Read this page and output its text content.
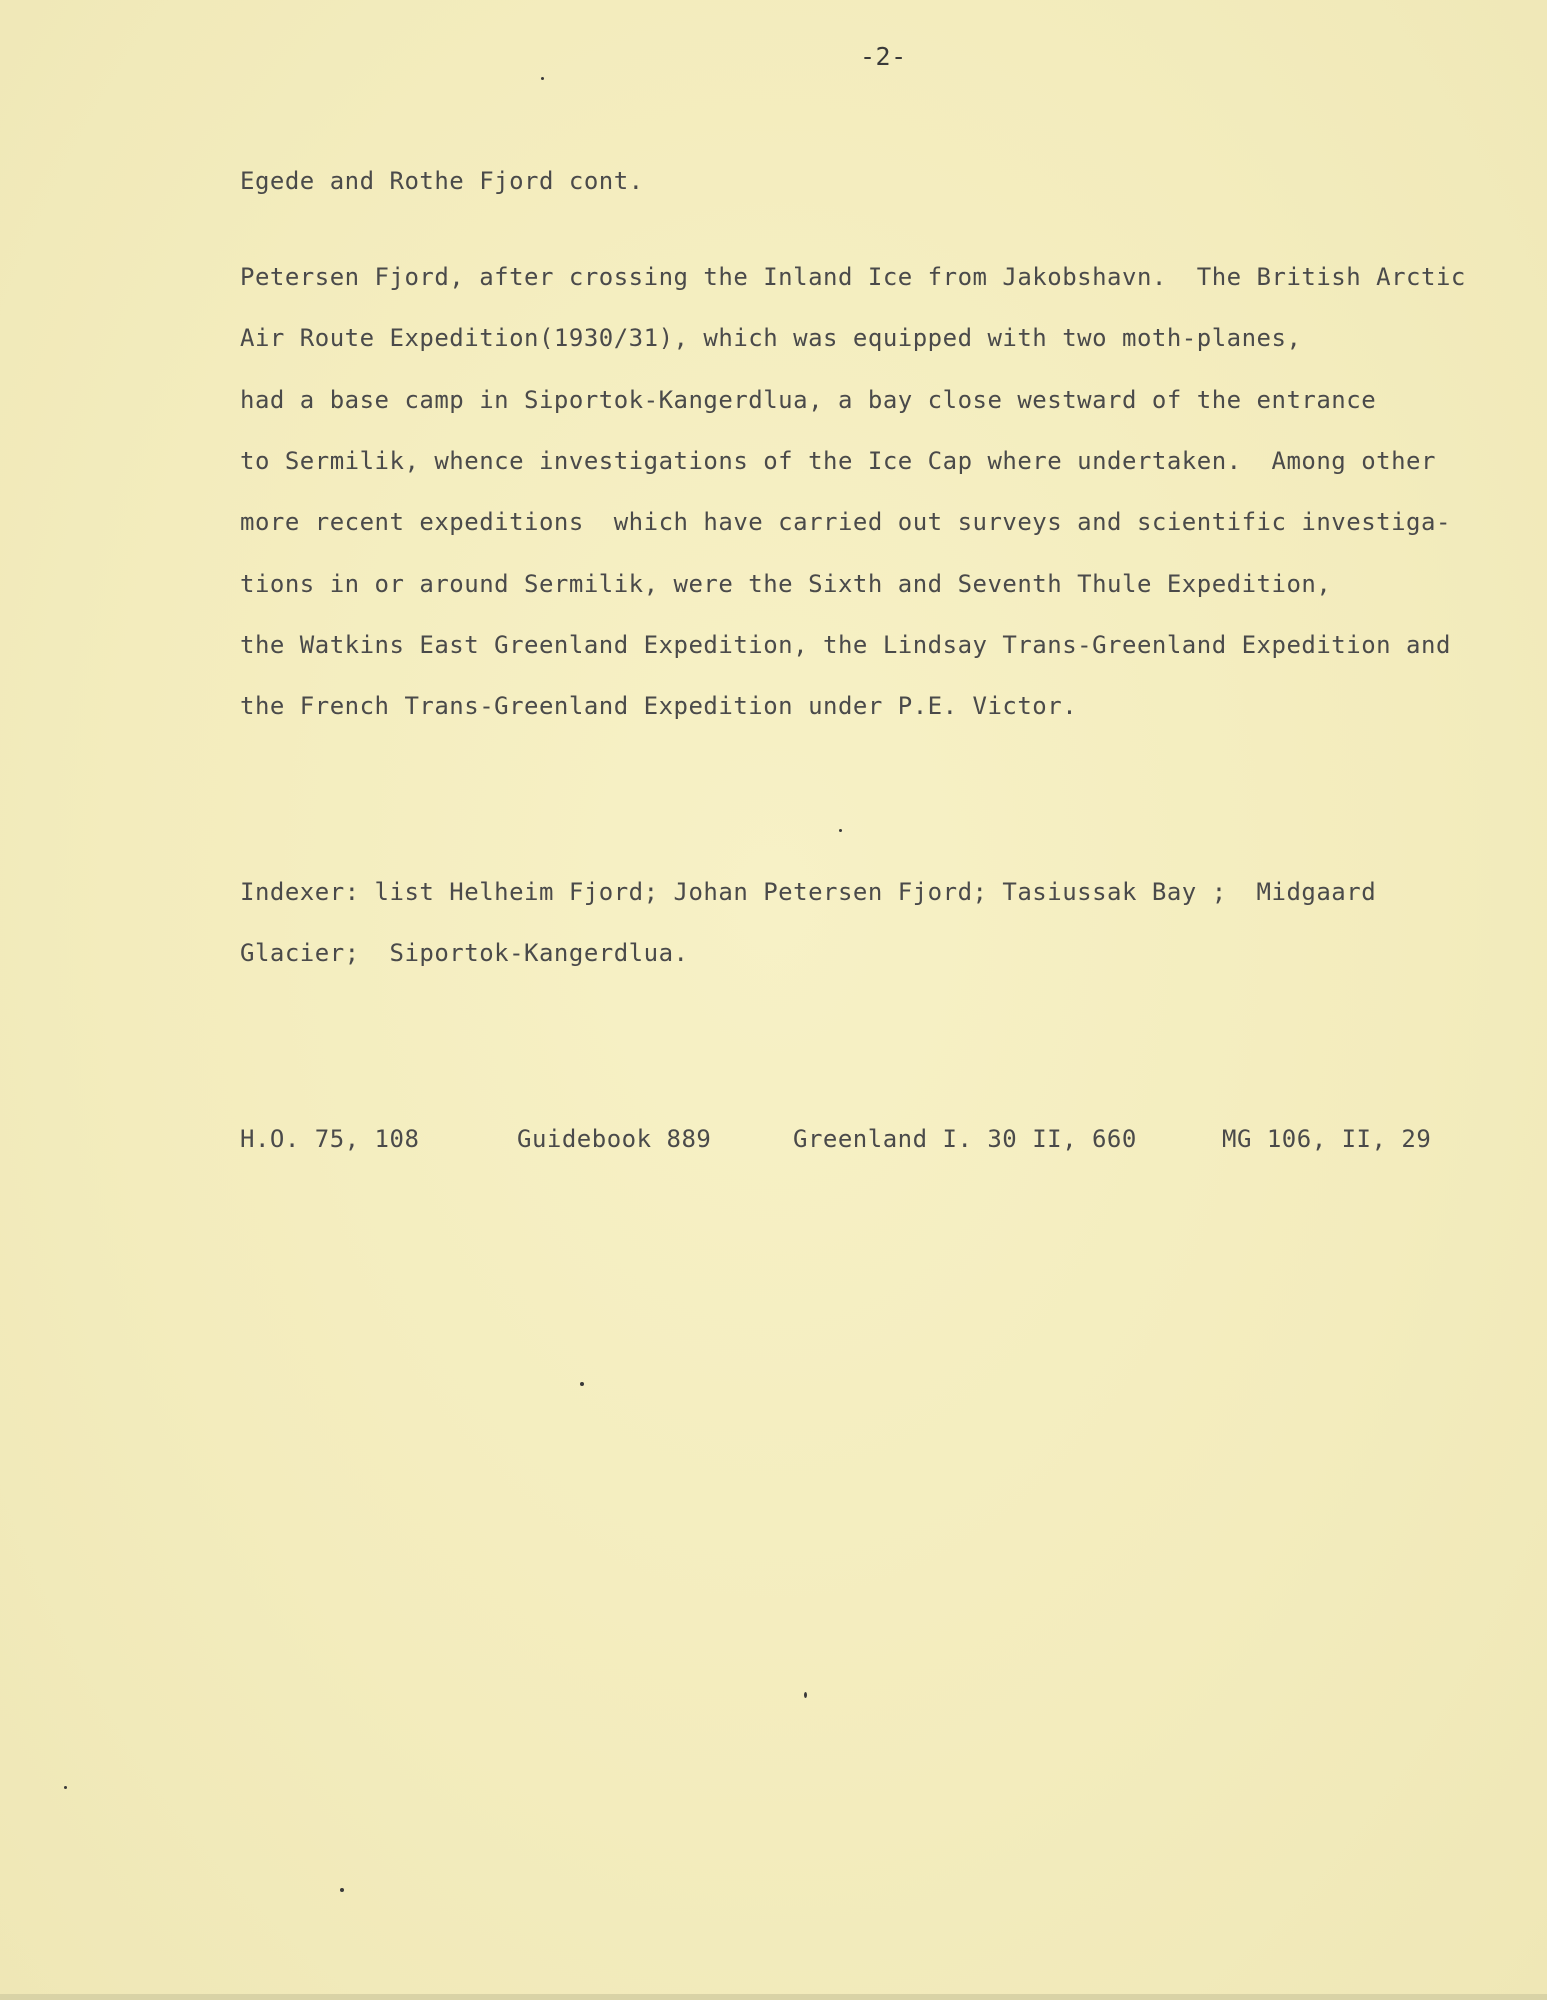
-2-
Egede and Rothe Fjord cont.
Petersen Fjord, after crossing the Inland Ice from Jakobshavn.  The British Arctic
Air Route Expedition(1930/31), which was equipped with two moth-planes,
had a base camp in Siportok-Kangerdlua, a bay close westward of the entrance
to Sermilik, whence investigations of the Ice Cap where undertaken.  Among other
more recent expeditions  which have carried out surveys and scientific investiga-
tions in or around Sermilik, were the Sixth and Seventh Thule Expedition,
the Watkins East Greenland Expedition, the Lindsay Trans-Greenland Expedition and
the French Trans-Greenland Expedition under P.E. Victor.
Indexer: list Helheim Fjord; Johan Petersen Fjord; Tasiussak Bay ;  Midgaard
Glacier;  Siportok-Kangerdlua.
H.O. 75, 108	Guidebook 889	Greenland I. 30 II, 660	MG 106, II, 29
